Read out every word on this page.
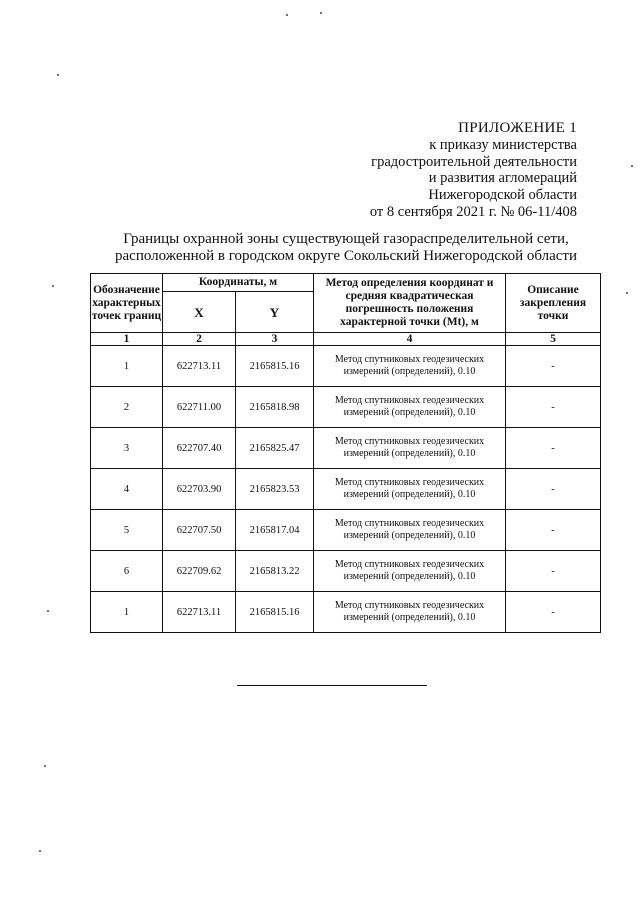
ПРИЛОЖЕНИЕ 1
к приказу министерства
градостроительной деятельности
и развития агломераций
Нижегородской области
от 8 сентября 2021 г. № 06-11/408
Границы охранной зоны существующей газораспределительной сети,
расположенной в городском округе Сокольский Нижегородской области
Обозначение характерных точек границ	Координаты, м		Метод определения координат и средняя квадратическая погрешность положения характерной точки (Mt), м	Описание закрепления точки
	X	Y		
1	2	3	4	5
1	622713.11	2165815.16	Метод спутниковых геодезических измерений (определений), 0.10	-
2	622711.00	2165818.98	Метод спутниковых геодезических измерений (определений), 0.10	-
3	622707.40	2165825.47	Метод спутниковых геодезических измерений (определений), 0.10	-
4	622703.90	2165823.53	Метод спутниковых геодезических измерений (определений), 0.10	-
5	622707.50	2165817.04	Метод спутниковых геодезических измерений (определений), 0.10	-
6	622709.62	2165813.22	Метод спутниковых геодезических измерений (определений), 0.10	-
1	622713.11	2165815.16	Метод спутниковых геодезических измерений (определений), 0.10	-
